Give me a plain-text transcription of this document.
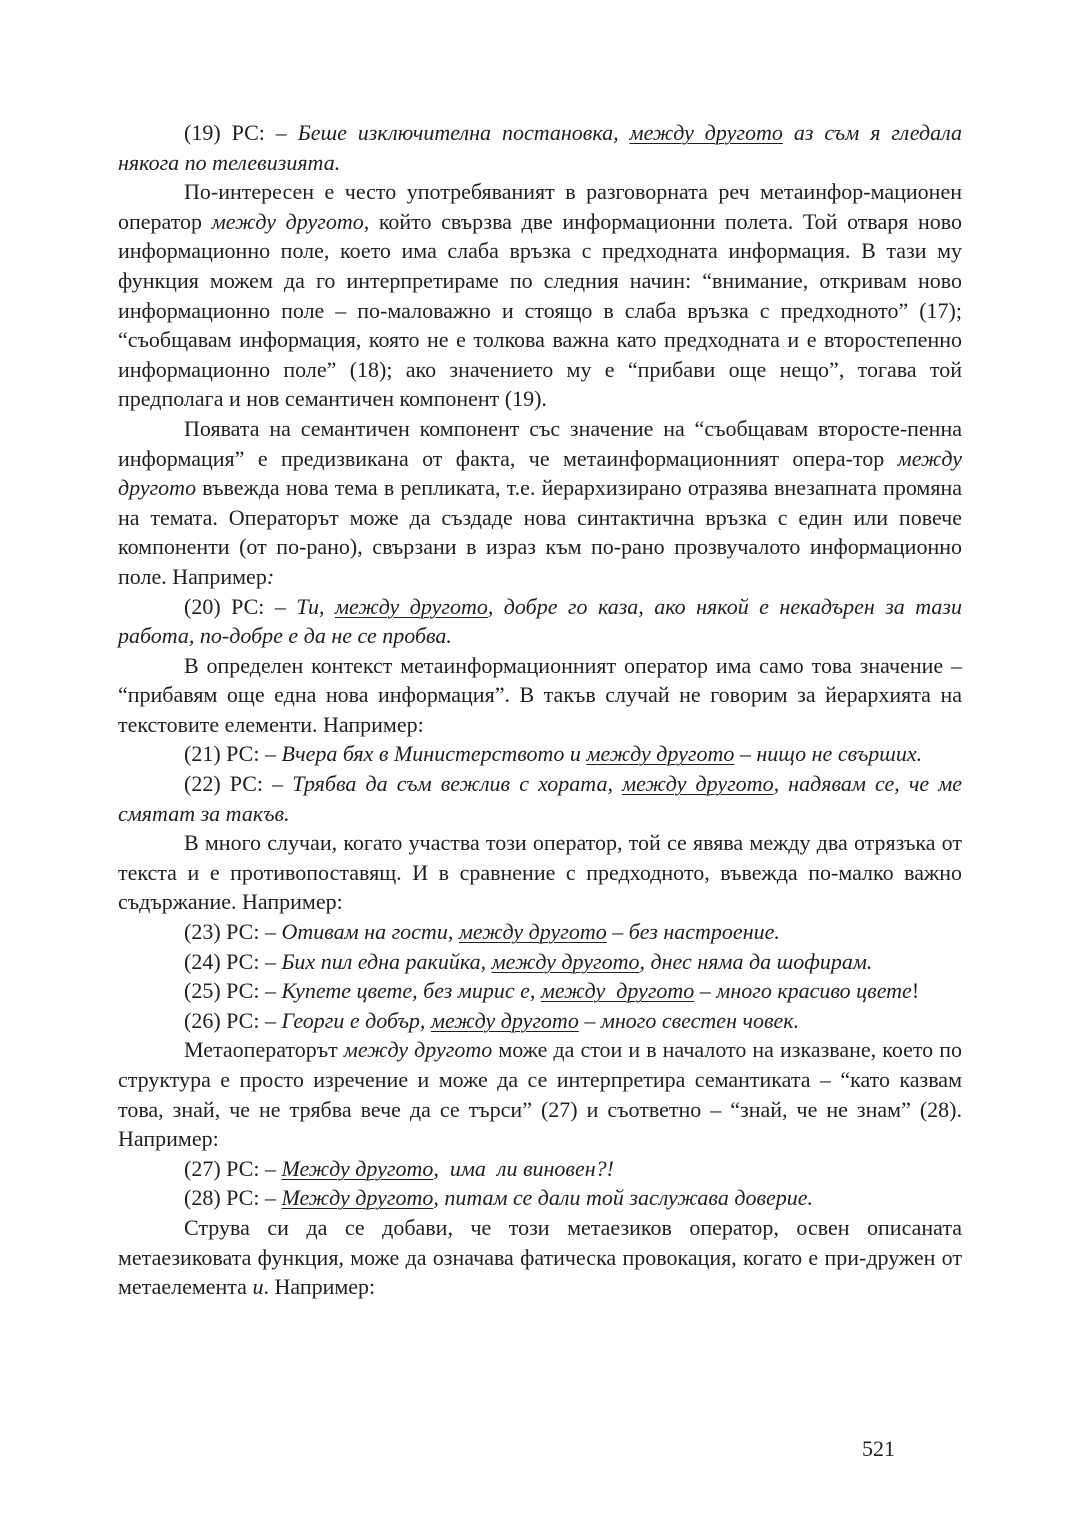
(19) РС: – Беше изключителна постановка, между другото аз съм я гледала някога по телевизията.

По-интересен е често употребяваният в разговорната реч метаинфор-мационен оператор между другото, който свързва две информационни полета. Той отваря ново информационно поле, което има слаба връзка с предходната информация. В тази му функция можем да го интерпретираме по следния начин: “внимание, откривам ново информационно поле – по-маловажно и стоящо в слаба връзка с предходното” (17); “съобщавам информация, която не е толкова важна като предходната и е второстепенно информационно поле” (18); ако значението му е “прибави още нещо”, тогава той предполага и нов семантичен компонент (19).

Появата на семантичен компонент със значение на “съобщавам второсте-пенна информация” е предизвикана от факта, че метаинформационният опера-тор между другото въвежда нова тема в репликата, т.е. йерархизирано отразява внезапната промяна на темата. Операторът може да създаде нова синтактична връзка с един или повече компоненти (от по-рано), свързани в израз към по-рано прозвучалото информационно поле. Например:

(20) РС: – Ти, между другото, добре го каза, ако някой е некадърен за тази работа, по-добре е да не се пробва.

В определен контекст метаинформационният оператор има само това значение – “прибавям още една нова информация”. В такъв случай не говорим за йерархията на текстовите елементи. Например:

(21) РС: – Вчера бях в Министерството и между другото – нищо не свърших.

(22) РС: – Трябва да съм вежлив с хората, между другото, надявам се, че ме смятат за такъв.

В много случаи, когато участва този оператор, той се явява между два отрязъка от текста и е противопоставящ. И в сравнение с предходното, въвежда по-малко важно съдържание. Например:

(23) РС: – Отивам на гости, между другото – без настроение.

(24) РС: – Бих пил една ракийка, между другото, днес няма да шофирам.

(25) РС: – Купете цвете, без мирис е, между  другото – много красиво цвете!

(26) РС: – Георги е добър, между другото – много свестен човек.

Метаоператорът между другото може да стои и в началото на изказване, което по структура е просто изречение и може да се интерпретира семантиката – “като казвам това, знай, че не трябва вече да се търси” (27) и съответно – “знай, че не знам” (28). Например:

(27) РС: – Между другото,  има  ли виновен?!

(28) РС: – Между другото, питам се дали той заслужава доверие.

Струва си да се добави, че този метаезиков оператор, освен описаната метаезиковата функция, може да означава фатическа провокация, когато е при-дружен от метаелемента и. Например:

521
